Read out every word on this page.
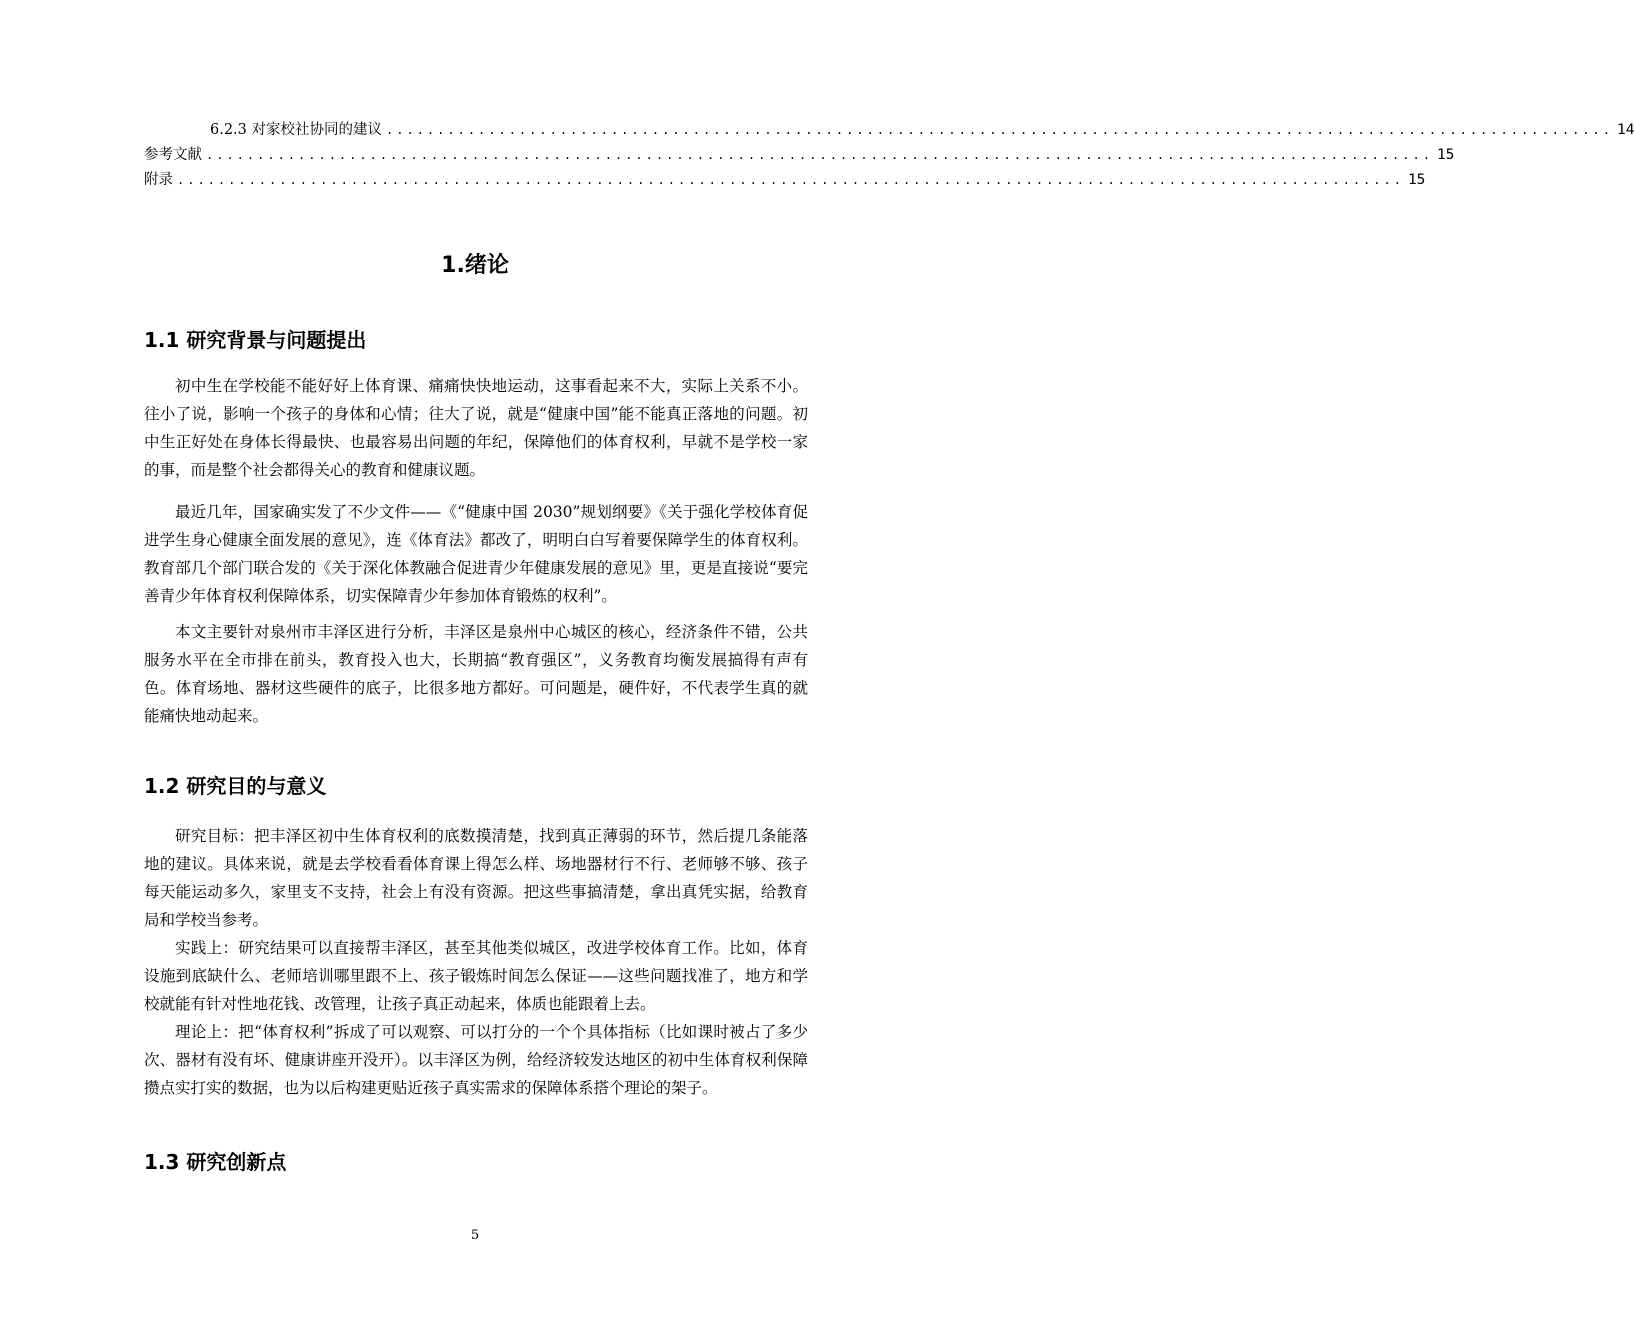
6.2.3 对家校社协同的建议 ........................................................................................................................ 14
参考文献 ........................................................................................................................ 15
附录 ........................................................................................................................ 15
1.绪论
1.1 研究背景与问题提出

初中生在学校能不能好好上体育课、痛痛快快地运动，这事看起来不大，实际上关系不小。往小了说，影响一个孩子的身体和心情；往大了说，就是“健康中国”能不能真正落地的问题。初中生正好处在身体长得最快、也最容易出问题的年纪，保障他们的体育权利，早就不是学校一家的事，而是整个社会都得关心的教育和健康议题。

最近几年，国家确实发了不少文件——《“健康中国 2030”规划纲要》《关于强化学校体育促进学生身心健康全面发展的意见》，连《体育法》都改了，明明白白写着要保障学生的体育权利。教育部几个部门联合发的《关于深化体教融合促进青少年健康发展的意见》里，更是直接说“要完善青少年体育权利保障体系，切实保障青少年参加体育锻炼的权利”。

本文主要针对泉州市丰泽区进行分析，丰泽区是泉州中心城区的核心，经济条件不错，公共服务水平在全市排在前头，教育投入也大，长期搞“教育强区”，义务教育均衡发展搞得有声有色。体育场地、器材这些硬件的底子，比很多地方都好。可问题是，硬件好，不代表学生真的就能痛快地动起来。

1.2 研究目的与意义

研究目标：把丰泽区初中生体育权利的底数摸清楚，找到真正薄弱的环节，然后提几条能落地的建议。具体来说，就是去学校看看体育课上得怎么样、场地器材行不行、老师够不够、孩子每天能运动多久，家里支不支持，社会上有没有资源。把这些事搞清楚，拿出真凭实据，给教育局和学校当参考。

实践上：研究结果可以直接帮丰泽区，甚至其他类似城区，改进学校体育工作。比如，体育设施到底缺什么、老师培训哪里跟不上、孩子锻炼时间怎么保证——这些问题找准了，地方和学校就能有针对性地花钱、改管理，让孩子真正动起来，体质也能跟着上去。

理论上：把“体育权利”拆成了可以观察、可以打分的一个个具体指标（比如课时被占了多少次、器材有没有坏、健康讲座开没开）。以丰泽区为例，给经济较发达地区的初中生体育权利保障攒点实打实的数据，也为以后构建更贴近孩子真实需求的保障体系搭个理论的架子。

1.3 研究创新点
5
